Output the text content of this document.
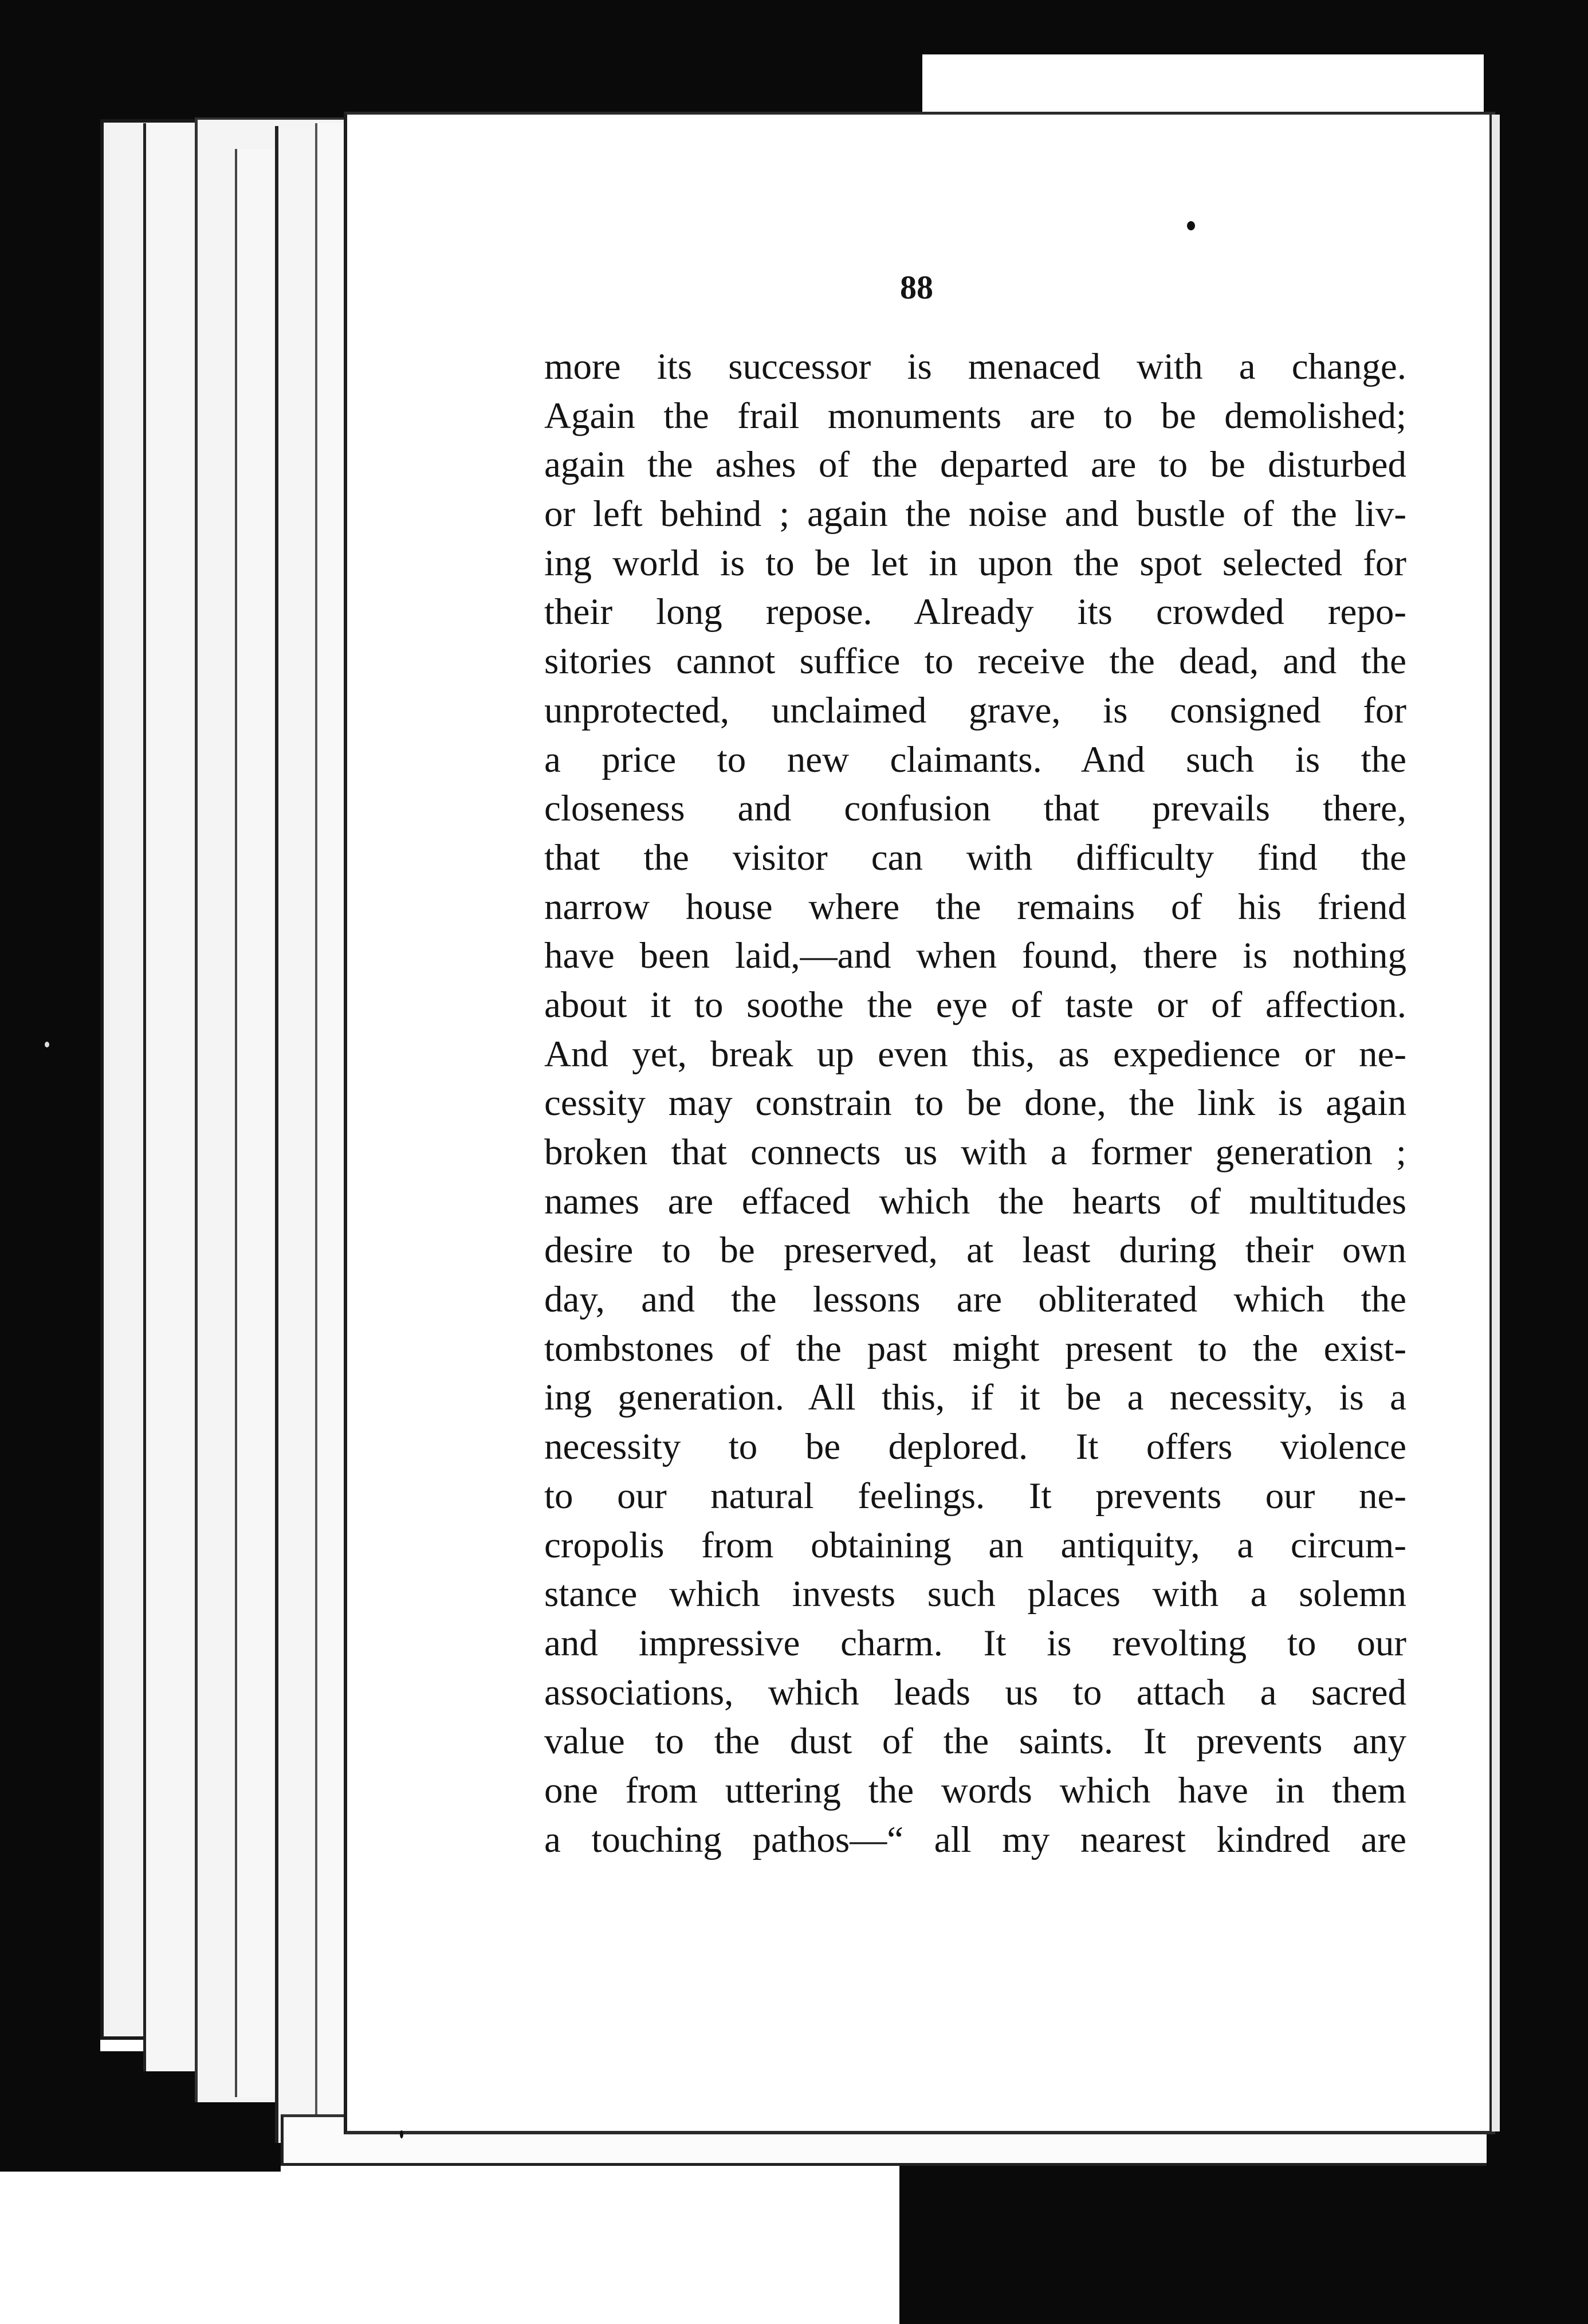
88
more its successor is menaced with a change.
Again the frail monuments are to be demolished;
again the ashes of the departed are to be disturbed
or left behind ; again the noise and bustle of the liv-
ing world is to be let in upon the spot selected for
their long repose. Already its crowded repo-
sitories cannot suffice to receive the dead, and the
unprotected, unclaimed grave, is consigned for
a price to new claimants. And such is the
closeness and confusion that prevails there,
that the visitor can with difficulty find the
narrow house where the remains of his friend
have been laid,—and when found, there is nothing
about it to soothe the eye of taste or of affection.
And yet, break up even this, as expedience or ne-
cessity may constrain to be done, the link is again
broken that connects us with a former generation ;
names are effaced which the hearts of multitudes
desire to be preserved, at least during their own
day, and the lessons are obliterated which the
tombstones of the past might present to the exist-
ing generation. All this, if it be a necessity, is a
necessity to be deplored. It offers violence
to our natural feelings. It prevents our ne-
cropolis from obtaining an antiquity, a circum-
stance which invests such places with a solemn
and impressive charm. It is revolting to our
associations, which leads us to attach a sacred
value to the dust of the saints. It prevents any
one from uttering the words which have in them
a touching pathos—“ all my nearest kindred are
